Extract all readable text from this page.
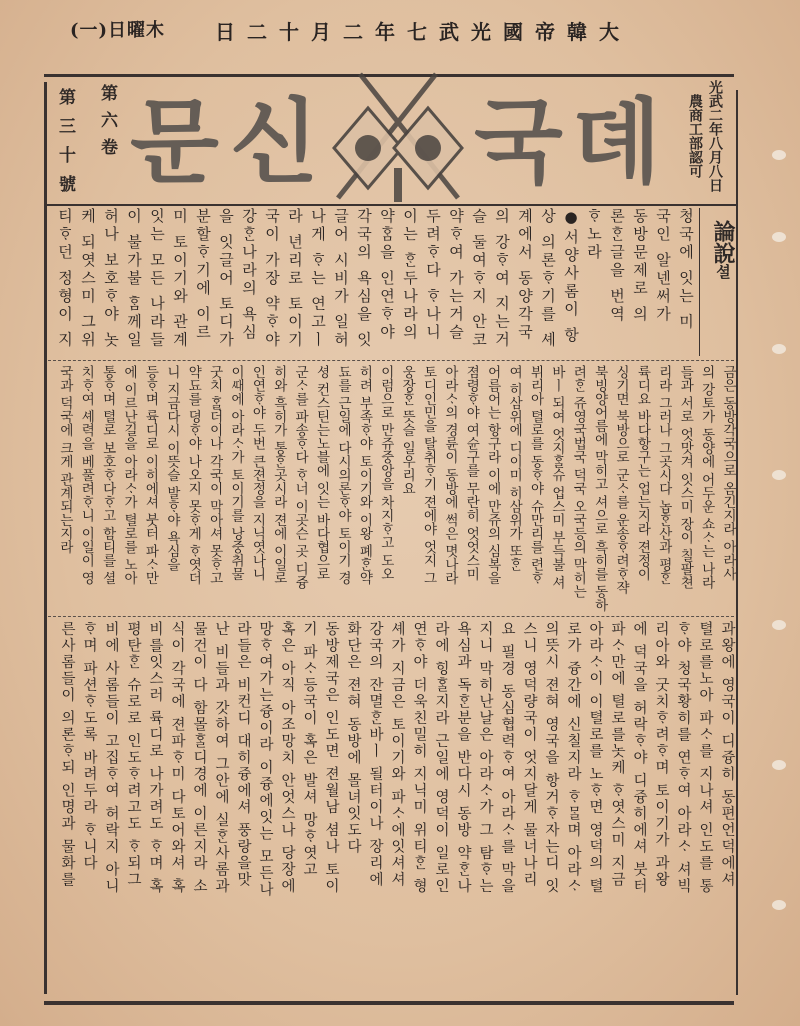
大韓帝國光武七年二月十二日
木曜日(一)
第三十號 第六卷	光武二年八月八日
農商工部認可
뎨
국
신
문
論說셜
청국에 잇는 미
국인 알넨써가
동방문제로 의
론ᄒᆞᆫ글을 번역
ᄒᆞ노라
●서양사롬이 항
상 의론ᄒᆞ기를 셰
계에서 동양각국
의 강ᄒᆞ여 지는거
슬 둘여ᄒᆞ지 안코
약ᄒᆞ여 가는거슬
두려ᄒᆞ다 ᄒᆞ나니
이는 ᄒᆞᆫ두나라의
약ᄒᆞᆷ을 인연ᄒᆞ야
각국의 욕심을 잇
글어 시비가 일허
나게 ᄒᆞ는 연고ㅣ
라 년리로 토이기
국이 가장 약ᄒᆞ야
강ᄒᆞᆫ나라의 욕심
을 잇글어 토디가
분할ᄒᆞ기에 이르
미 토이기와 관계
잇는 모든 나라들
이 불가불 ᄒᆞᆷ께일
허나 보호ᄒᆞ야 놋
케 되엿스미 그위
티ᄒᆞ던 정형이 지
금은 동방각국으로 옴긴지라 아라사
의 강토가 동양에 어두운 쇼ᄉᆞ는 나라
들과 서로 엇맛겨 잇스미 장이 칠팔쳔
리라 그러나 그곳시다 놉ᄒᆞᆫ산과 평ᄒᆞᆫ
륙디요 바다항구는 업는지라 젼정이
싱기면 북방으로 군ᄉᆞ를 운송ᄒᆞ려ᄒᆞ쟉
북빙양어름에 막히고 셔으로 흑히를 동하
려ᄒᆞᆫ 쥬영국법국 덕국 오국등의 막히는
바ㅣ 되여 엇지ᄒᆞᆯ슈 업스미 부득불 셔
뷔리아 텰로를 동ᄒᆞ야 슈만리를 련ᄒᆞ
여 히삼위에 디이미 히삼위가 또ᄒᆞᆫ
어름어는 항구라 이에 만쥬의 심복을
졈령ᄒᆞ야 여슌구를 무란히 엇엇스미
아라ᄉᆞ의 경륜이 동방에 썩은 몃나라
토디인민을 탈취ᄒᆞ기 젼에야 엇지 그
웅장ᄒᆞᆫ 뜻슬 일우리요
이럼으로 만쥬중앙을 차지ᄒᆞ고 도오
히려 부족ᄒᆞ야 토이기와 이왕 폐ᄒᆞᆫ약
됴를 근일에 다시의론ᄒᆞ야 토이기 경
셩 컨스틴는노블에 잇는 바다협으로
군ᄉᆞ를 파송ᄒᆞ다 ᄒᆞ너 이곳슨 곳 디즁
히와 흑히가 통ᄒᆞᆫ곳시라 젼에 이일로
인연ᄒᆞ야 두번 큰젼정을 지닉엿나니
이ᄯᅢ에 아라ᄉᆞ가 토이기를 낭중취물
굿치 ᄒᆞᆯ더이나 각국이 막아셔 못ᄒᆞ고
약됴를 뎡ᄒᆞ야 나오지 못ᄒᆞ게 ᄒᆞ엿더
니 지금다시 이뜻슬 발ᄒᆞ야 욕심을
등ᄒᆞ며 륙디로 이히에셔 붓터 파ᄉᆞ만
에 이르난길을 아라ᄉᆞ가 텰로를 노아
통ᄒᆞ며 텰로 보호ᄒᆞ다ᄒᆞ고 함티를 셜
치ᄒᆞ여 셰력을 베풀려ᄒᆞ니 이일이 영
국과 덕국에 크게 관계되는지라
과왕에 영국이 디즁히 동편언덕에셔
텰로를노아 파ᄉᆞ를 지나셔 인도를 통
ᄒᆞ야 청국황히를 연ᄒᆞ여 아라ᄉᆞ 셔빅
리아와 굿치ᄒᆞ려ᄒᆞ며 토이기가 과왕
에 덕국을 허락ᄒᆞ야 디즁히에셔 붓터
파ᄉᆞ만에 텰로를놋케 ᄒᆞ엿스미 지금
아라ᄉᆞ이 이텰로를 노ᄒᆞ면 영덕의 텰
로가 즁간에 신칠지라 ᄒᆞᄆᆞᆯ며 아라ᄉᆞ
의뜻시 젼혀 영국을 항거ᄒᆞ자는디 잇
스니 영덕량국이 엇지달게 물너나리
요 필경 동심협력ᄒᆞ여 아라ᄉᆞ를 막을
지니 막히난날은 아라ᄉᆞ가 그 탐ᄒᆞ는
욕심과 독ᄒᆞᆫ분을 반다시 동방 약ᄒᆞᆫ나
라에 힝ᄒᆞᆯ지라 근일에 영덕이 일로인
연ᄒᆞ야 더욱친밀히 지닉미 위티ᄒᆞᆫ 형
셰가 지금은 토이기와 파ᄉᆞ에잇셔셔
강국의 잔멸ᄒᆞᆫ바ㅣ 될터이나 장리에
화단은 젼혀 동방에 몰녀잇도다
동방제국은 인도면 젼월남 셤나 토이
기 파ᄉᆞ등국이 혹은 발셔 망ᄒᆞ엿고
혹은 아직 아조망치 안엇스나 당장에
망ᄒᆞ여가는즁이라 이즁에잇는 모든나
라들은 비컨디 대히즁에셔 풍랑을맛
난 비들과 갓하여 그안에 실ᄒᆞᆫ사롬과
물건이 다 함몰ᄒᆞᆯ디경에 이른지라 소
식이 각국에 젼파ᄒᆞ미 다토어와셔 혹
비를잇스러 륙디로 나가려도 ᄒᆞ며 혹
평탄ᄒᆞᆫ 슈로로 인도ᄒᆞ려고도 ᄒᆞ되그
비에 사롬들이 고집ᄒᆞ여 허락지 아니
ᄒᆞ며 파션ᄒᆞ도록 바려두라 ᄒᆞ니다
른사롬들이 의론ᄒᆞ되 인명과 물화를
